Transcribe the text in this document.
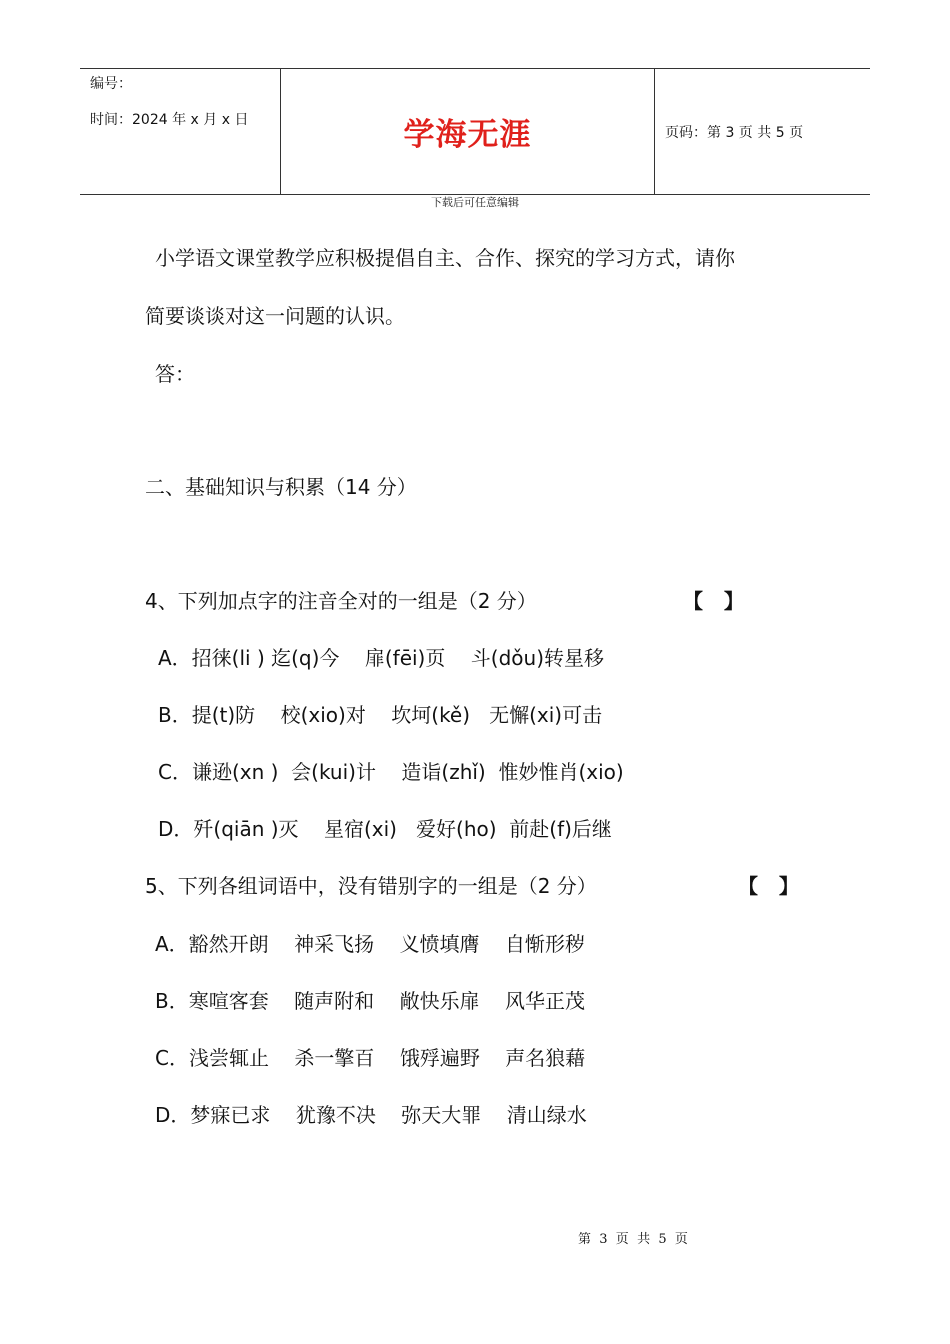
编号：
时间：2024 年 x 月 x 日	学海无涯	页码：第 3 页 共 5 页
下载后可任意编辑
小学语文课堂教学应积极提倡自主、合作、探究的学习方式，请你
简要谈谈对这一问题的认识。
答：
二、基础知识与积累（14 分）
4、下列加点字的注音全对的一组是（2 分）	【   】
A．招徕(li ) 迄(q)今    扉(fēi)页    斗(dǒu)转星移
B．提(t)防    校(xio)对    坎坷(kě)   无懈(xi)可击
C．谦逊(xn )  会(kui)计    造诣(zhǐ)  惟妙惟肖(xio)
D．歼(qiān )灭    星宿(xi)   爱好(ho)  前赴(f)后继
5、下列各组词语中，没有错别字的一组是（2 分）	【   】
A．豁然开朗    神采飞扬    义愤填膺    自惭形秽
B．寒喧客套    随声附和    敞快乐扉    风华正茂
C．浅尝辄止    杀一擎百    饿殍遍野    声名狼藉
D．梦寐已求    犹豫不决    弥天大罪    清山绿水
第  3  页  共  5  页
